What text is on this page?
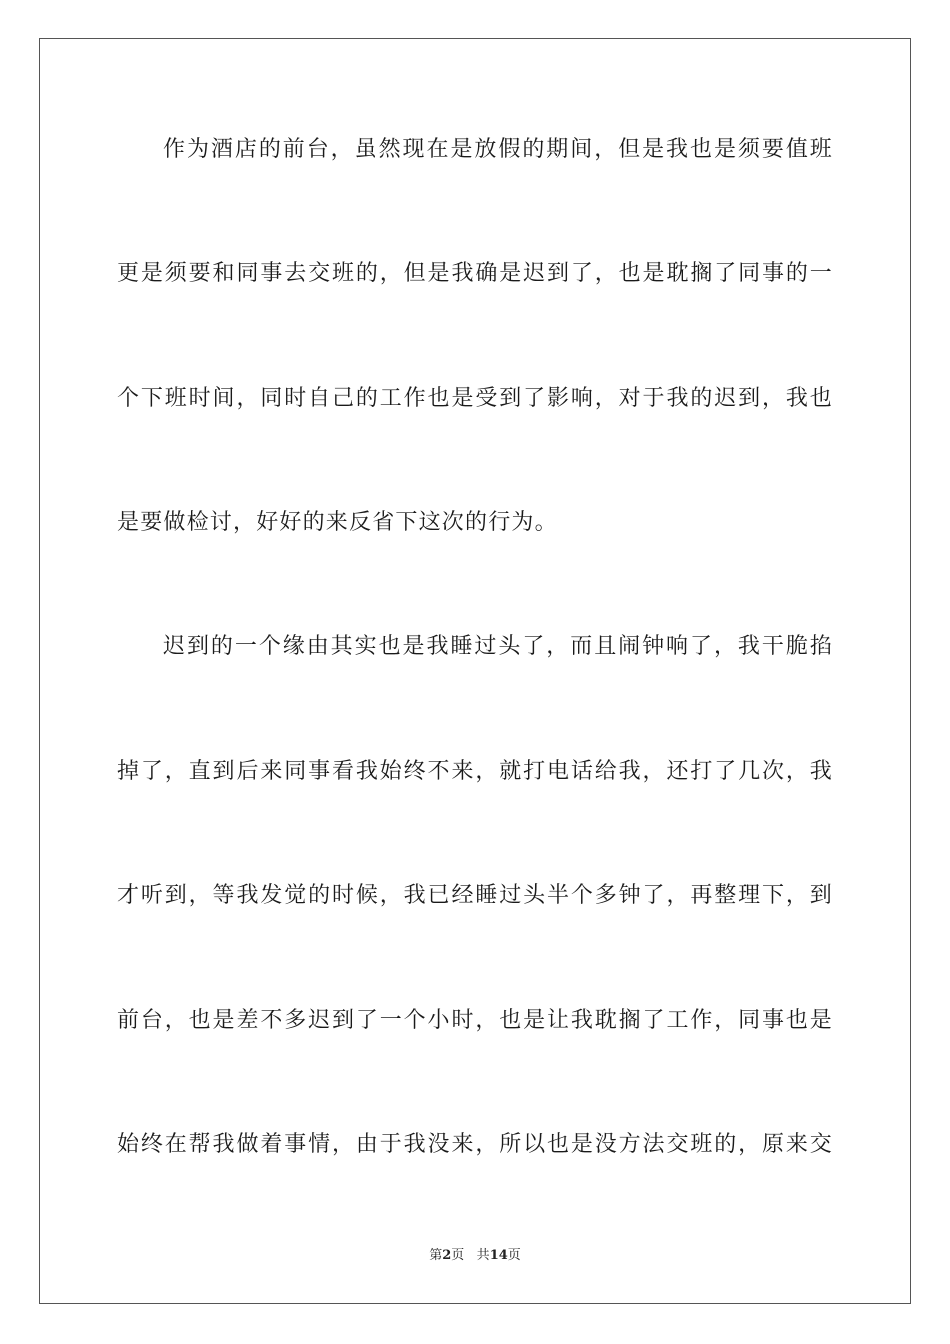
作为酒店的前台，虽然现在是放假的期间，但是我也是须要值班
更是须要和同事去交班的，但是我确是迟到了，也是耽搁了同事的一
个下班时间，同时自己的工作也是受到了影响，对于我的迟到，我也
是要做检讨，好好的来反省下这次的行为。
迟到的一个缘由其实也是我睡过头了，而且闹钟响了，我干脆掐
掉了，直到后来同事看我始终不来，就打电话给我，还打了几次，我
才听到，等我发觉的时候，我已经睡过头半个多钟了，再整理下，到
前台，也是差不多迟到了一个小时，也是让我耽搁了工作，同事也是
始终在帮我做着事情，由于我没来，所以也是没方法交班的，原来交
第2页 共14页
